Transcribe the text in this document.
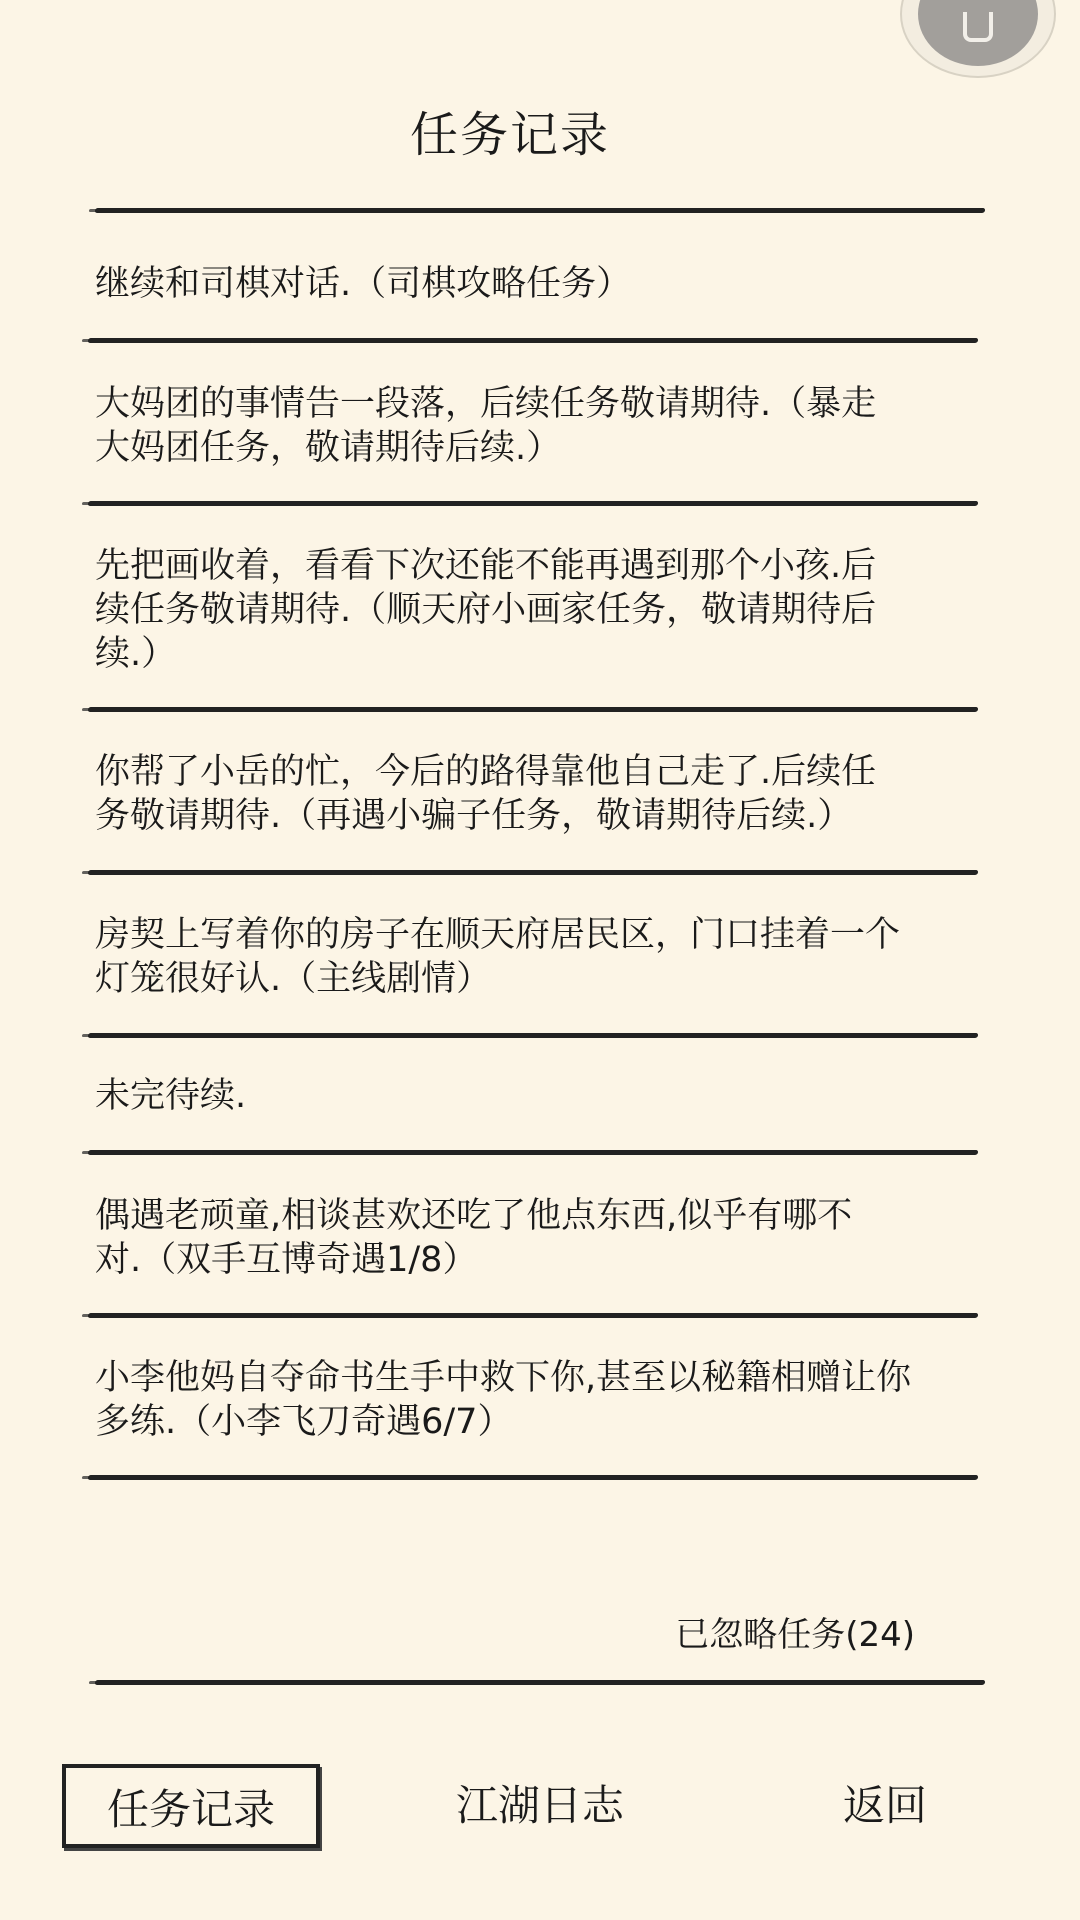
任务记录
继续和司棋对话.（司棋攻略任务）
大妈团的事情告一段落，后续任务敬请期待.（暴走
大妈团任务，敬请期待后续.）
先把画收着，看看下次还能不能再遇到那个小孩.后
续任务敬请期待.（顺天府小画家任务，敬请期待后
续.）
你帮了小岳的忙，今后的路得靠他自己走了.后续任
务敬请期待.（再遇小骗子任务，敬请期待后续.）
房契上写着你的房子在顺天府居民区，门口挂着一个
灯笼很好认.（主线剧情）
未完待续.
偶遇老顽童,相谈甚欢还吃了他点东西,似乎有哪不
对.（双手互博奇遇1/8）
小李他妈自夺命书生手中救下你,甚至以秘籍相赠让你
多练.（小李飞刀奇遇6/7）
已忽略任务(24)
任务记录	江湖日志	返回
